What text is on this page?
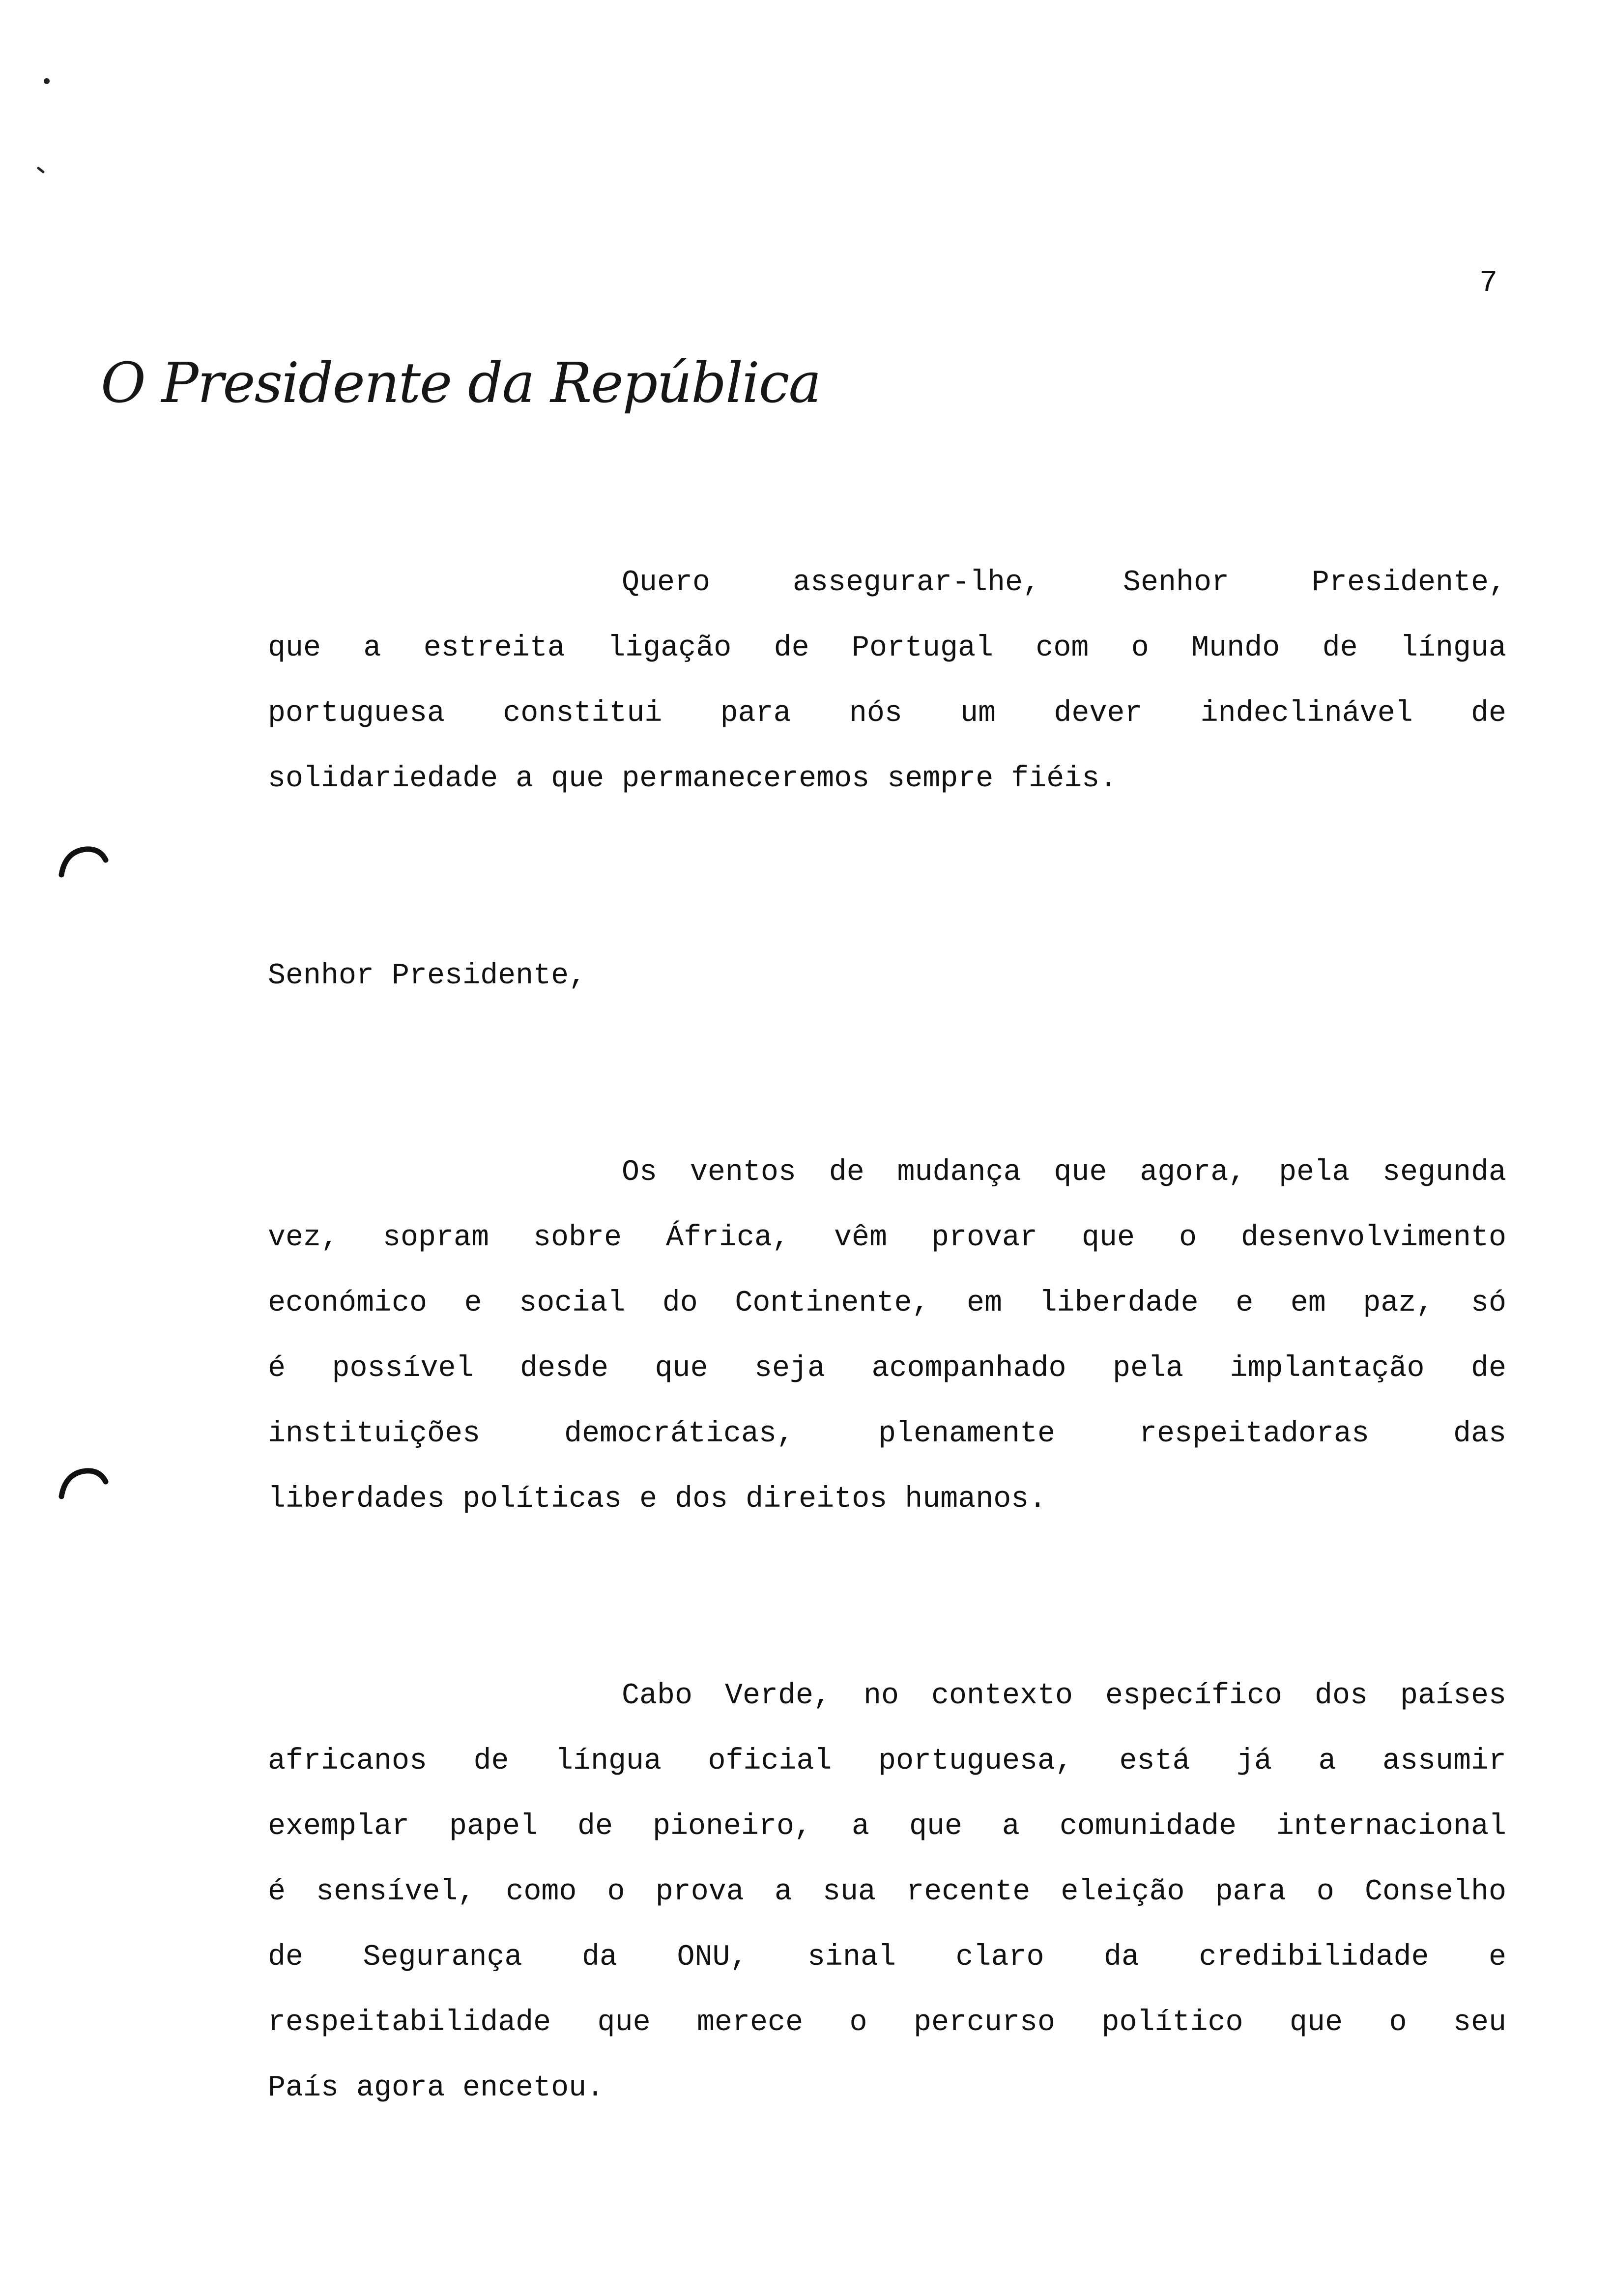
7
O Presidente da República
Quero assegurar-lhe, Senhor Presidente,
que a estreita ligação de Portugal com o Mundo de língua
portuguesa constitui para nós um dever indeclinável de
solidariedade a que permaneceremos sempre fiéis.
Senhor Presidente,
Os ventos de mudança que agora, pela segunda
vez, sopram sobre África, vêm provar que o desenvolvimento
económico e social do Continente, em liberdade e em paz, só
é possível desde que seja acompanhado pela implantação de
instituições democráticas, plenamente respeitadoras das
liberdades políticas e dos direitos humanos.
Cabo Verde, no contexto específico dos países
africanos de língua oficial portuguesa, está já a assumir
exemplar papel de pioneiro, a que a comunidade internacional
é sensível, como o prova a sua recente eleição para o Conselho
de Segurança da ONU, sinal claro da credibilidade e
respeitabilidade que merece o percurso político que o seu
País agora encetou.
